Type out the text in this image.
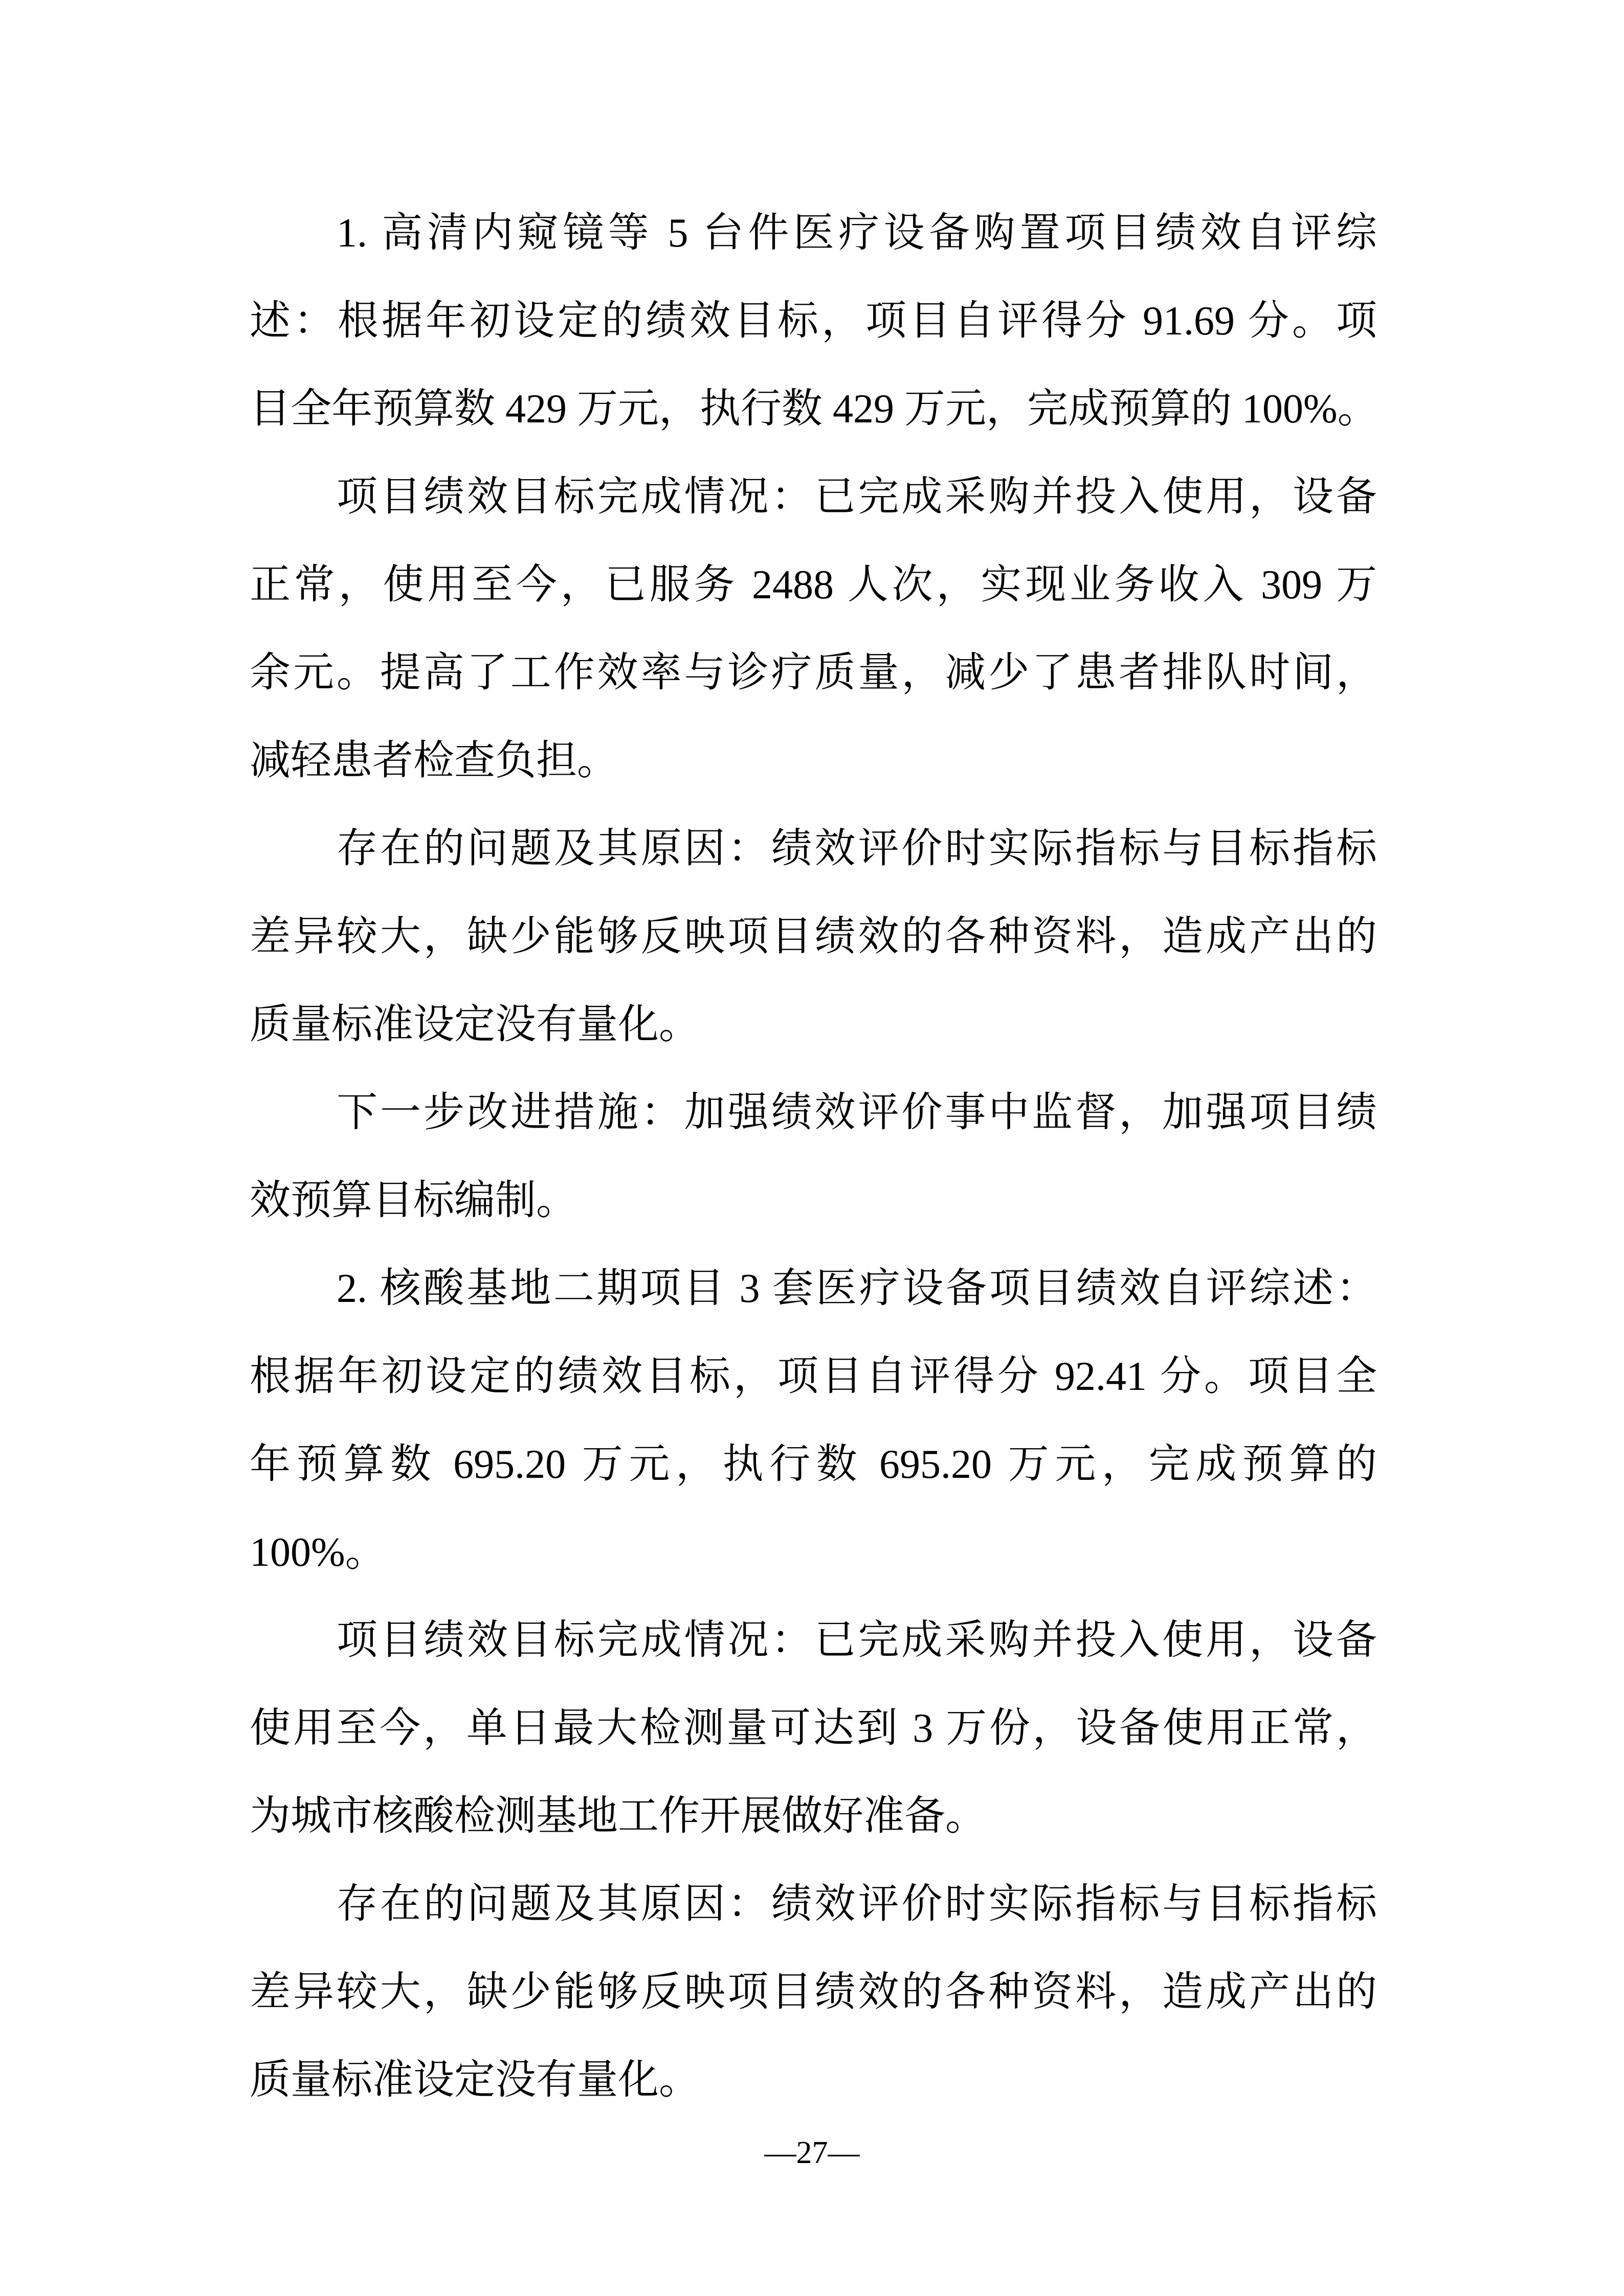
1. 高清内窥镜等 5 台件医疗设备购置项目绩效自评综
述：根据年初设定的绩效目标，项目自评得分 91.69 分。项
目全年预算数 429 万元，执行数 429 万元，完成预算的 100%。
项目绩效目标完成情况：已完成采购并投入使用，设备
正常，使用至今，已服务 2488 人次，实现业务收入 309 万
余元。提高了工作效率与诊疗质量，减少了患者排队时间，
减轻患者检查负担。
存在的问题及其原因：绩效评价时实际指标与目标指标
差异较大，缺少能够反映项目绩效的各种资料，造成产出的
质量标准设定没有量化。
下一步改进措施：加强绩效评价事中监督，加强项目绩
效预算目标编制。
2. 核酸基地二期项目 3 套医疗设备项目绩效自评综述：
根据年初设定的绩效目标，项目自评得分 92.41 分。项目全
年预算数 695.20 万元，执行数 695.20 万元，完成预算的
100%。
项目绩效目标完成情况：已完成采购并投入使用，设备
使用至今，单日最大检测量可达到 3 万份，设备使用正常，
为城市核酸检测基地工作开展做好准备。
存在的问题及其原因：绩效评价时实际指标与目标指标
差异较大，缺少能够反映项目绩效的各种资料，造成产出的
质量标准设定没有量化。
—27—
